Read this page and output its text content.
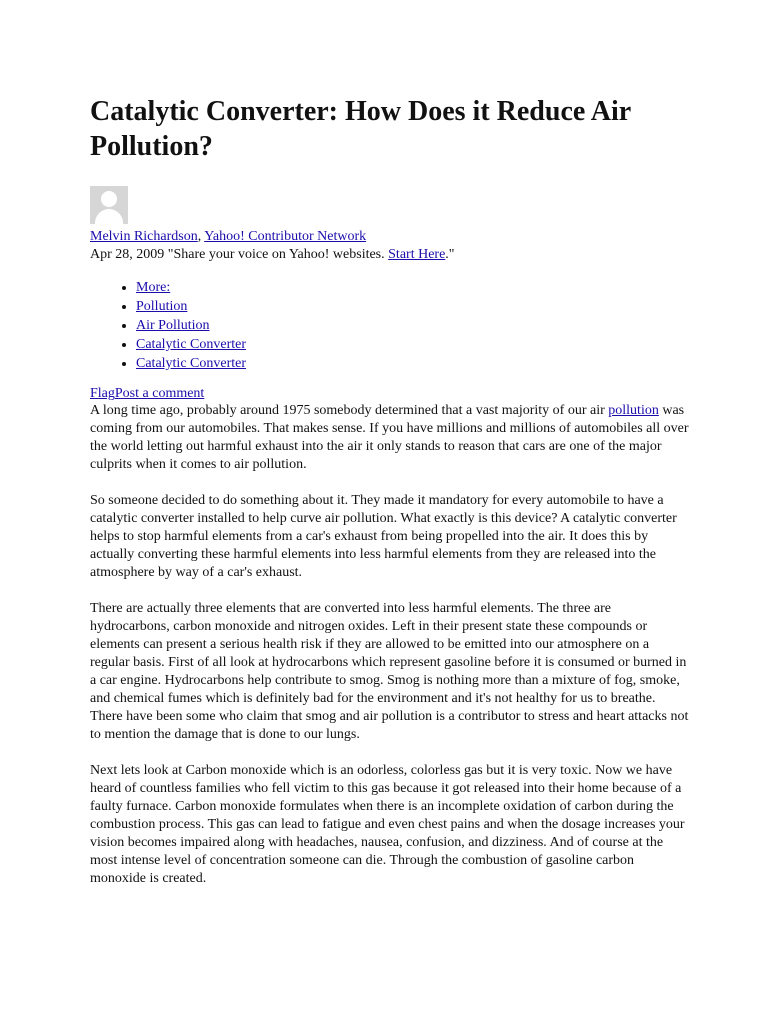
Catalytic Converter: How Does it Reduce Air Pollution?
Melvin Richardson, Yahoo! Contributor Network
Apr 28, 2009 "Share your voice on Yahoo! websites. Start Here."
• More:
• Pollution
• Air Pollution
• Catalytic Converter
• Catalytic Converter
FlagPost a comment

A long time ago, probably around 1975 somebody determined that a vast majority of our air pollution was coming from our automobiles. That makes sense. If you have millions and millions of automobiles all over the world letting out harmful exhaust into the air it only stands to reason that cars are one of the major culprits when it comes to air pollution.

So someone decided to do something about it. They made it mandatory for every automobile to have a catalytic converter installed to help curve air pollution. What exactly is this device? A catalytic converter helps to stop harmful elements from a car's exhaust from being propelled into the air. It does this by actually converting these harmful elements into less harmful elements from they are released into the atmosphere by way of a car's exhaust.

There are actually three elements that are converted into less harmful elements. The three are hydrocarbons, carbon monoxide and nitrogen oxides. Left in their present state these compounds or elements can present a serious health risk if they are allowed to be emitted into our atmosphere on a regular basis. First of all look at hydrocarbons which represent gasoline before it is consumed or burned in a car engine. Hydrocarbons help contribute to smog. Smog is nothing more than a mixture of fog, smoke, and chemical fumes which is definitely bad for the environment and it's not healthy for us to breathe. There have been some who claim that smog and air pollution is a contributor to stress and heart attacks not to mention the damage that is done to our lungs.

Next lets look at Carbon monoxide which is an odorless, colorless gas but it is very toxic. Now we have heard of countless families who fell victim to this gas because it got released into their home because of a faulty furnace. Carbon monoxide formulates when there is an incomplete oxidation of carbon during the combustion process. This gas can lead to fatigue and even chest pains and when the dosage increases your vision becomes impaired along with headaches, nausea, confusion, and dizziness. And of course at the most intense level of concentration someone can die. Through the combustion of gasoline carbon monoxide is created.
